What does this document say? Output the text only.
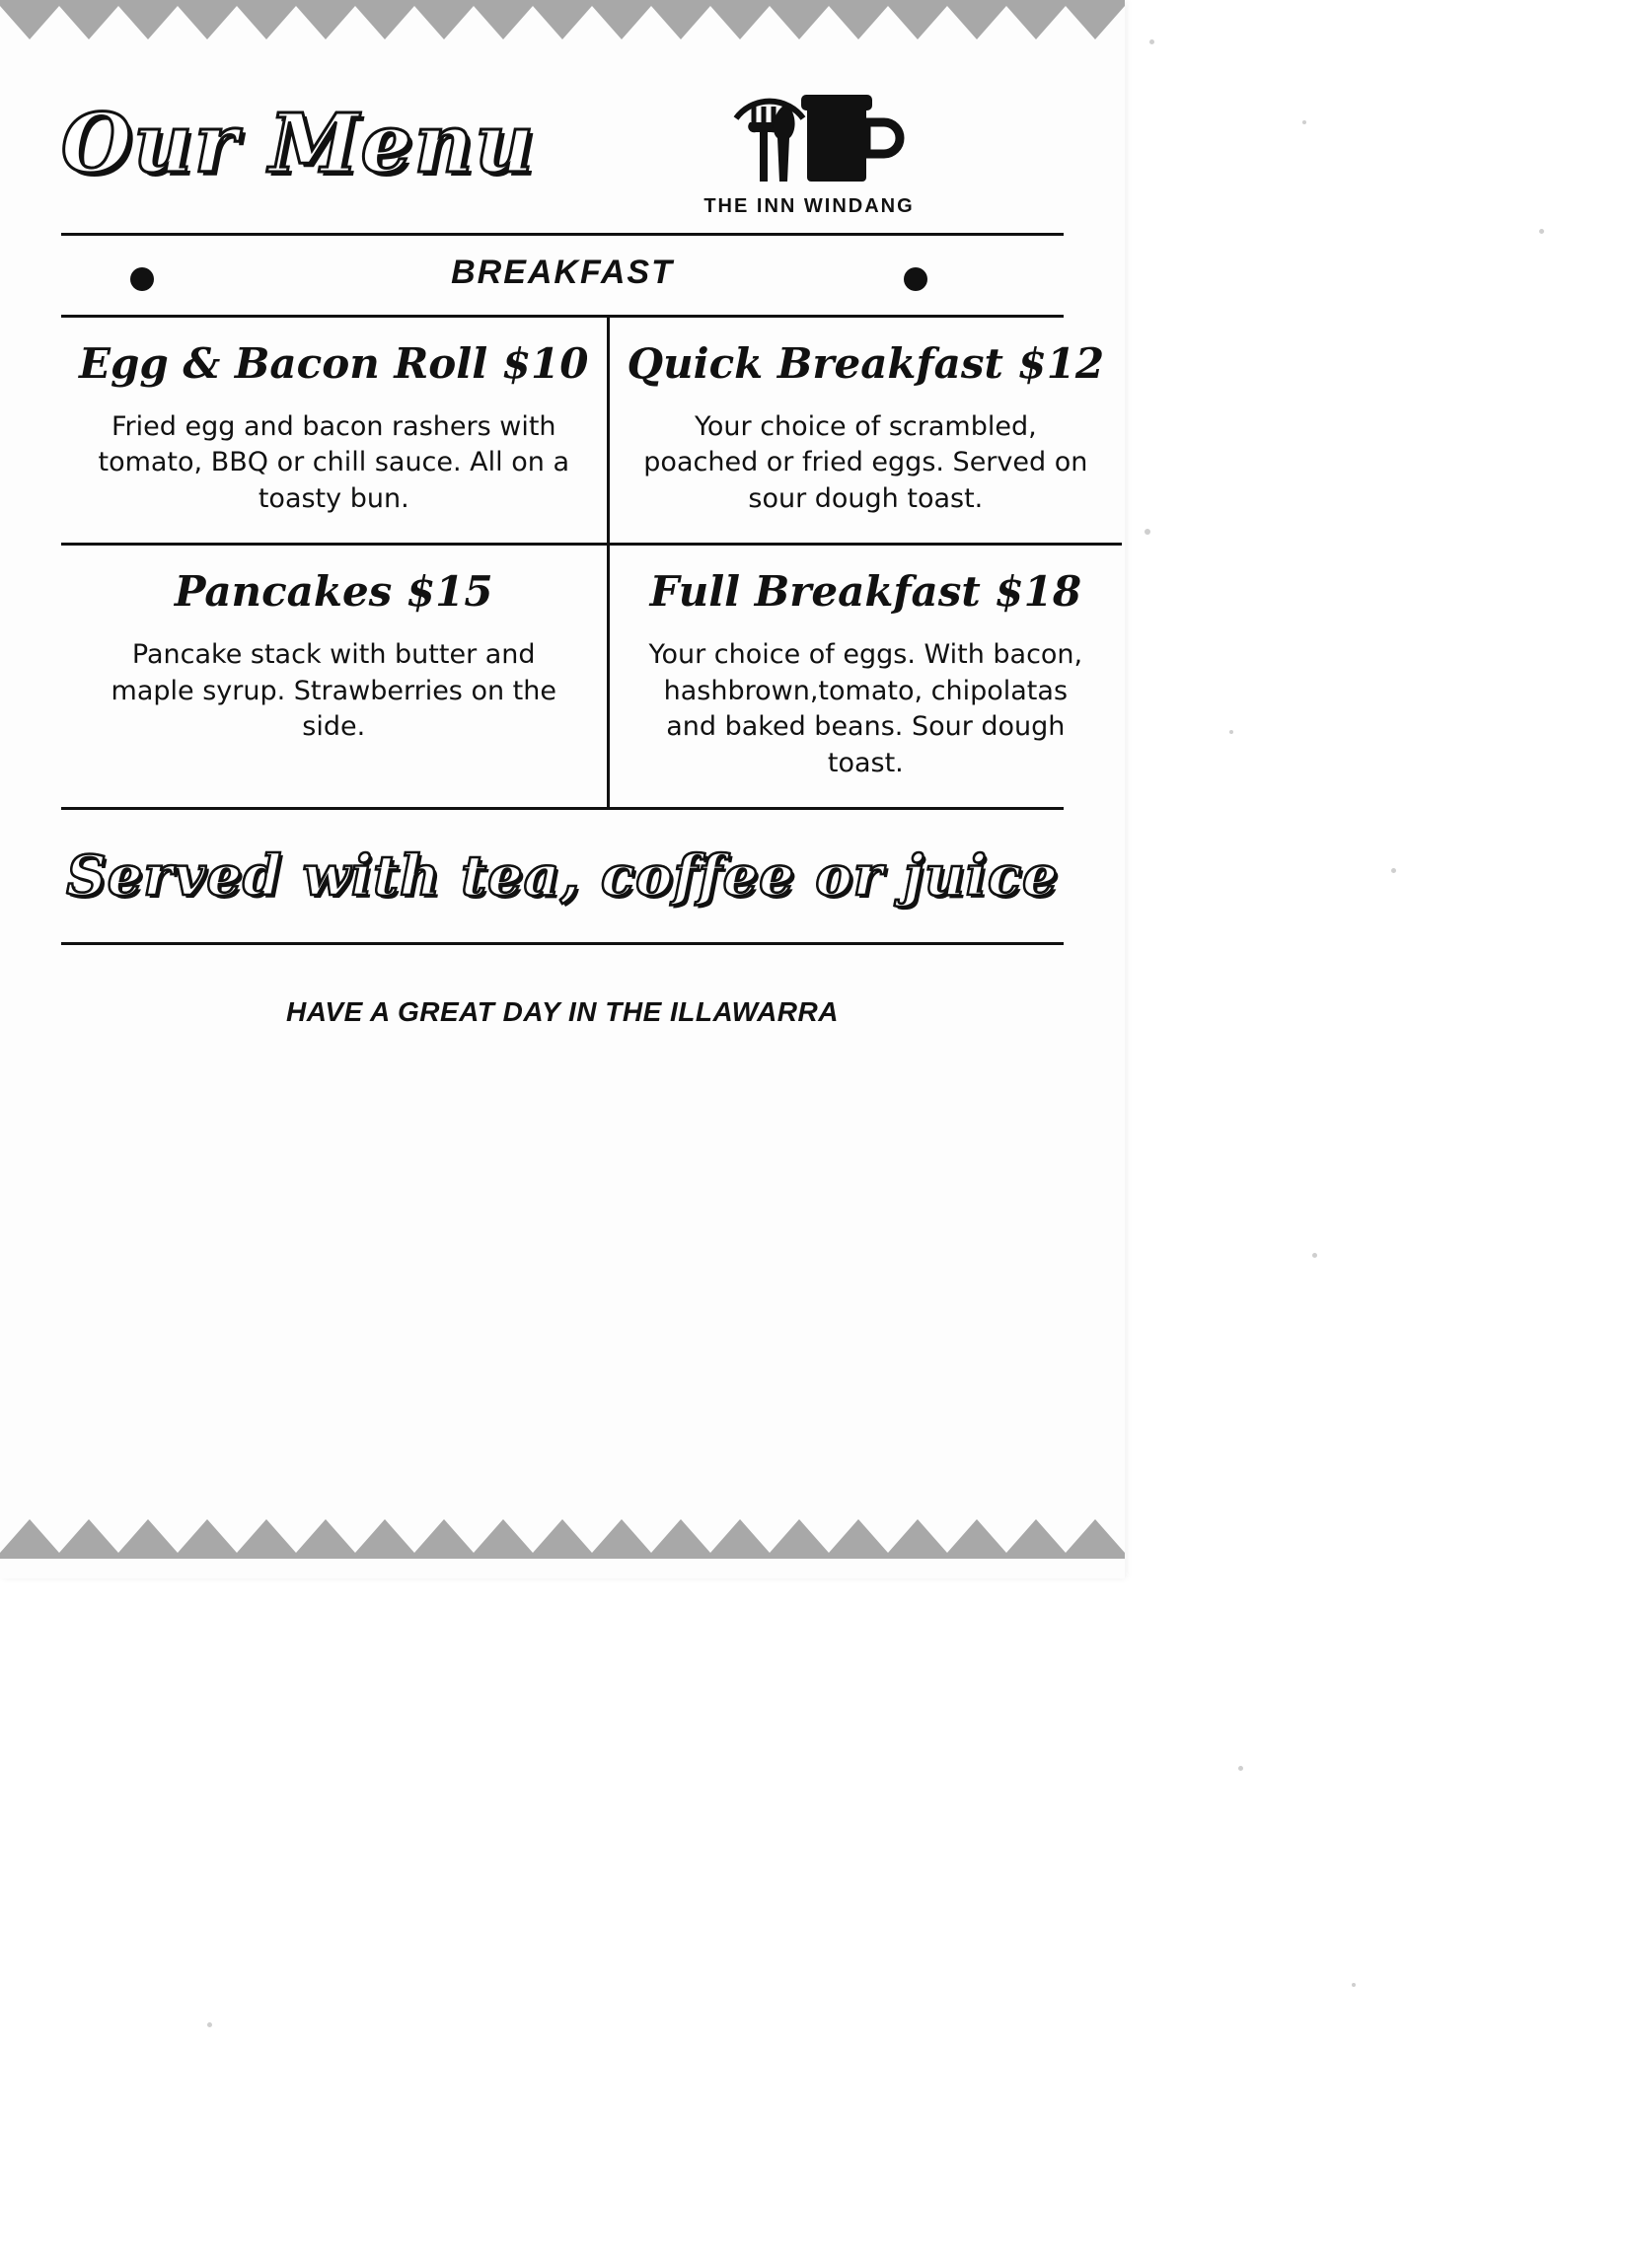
Our Menu
THE INN WINDANG
BREAKFAST
Egg & Bacon Roll $10
Fried egg and bacon rashers with tomato, BBQ or chill sauce. All on a toasty bun.
Quick Breakfast $12
Your choice of scrambled, poached or fried eggs. Served on sour dough toast.
Pancakes $15
Pancake stack with butter and maple syrup. Strawberries on the side.
Full Breakfast $18
Your choice of eggs. With bacon, hashbrown,tomato, chipolatas and baked beans. Sour dough toast.
Served with tea, coffee or juice
HAVE A GREAT DAY IN THE ILLAWARRA
